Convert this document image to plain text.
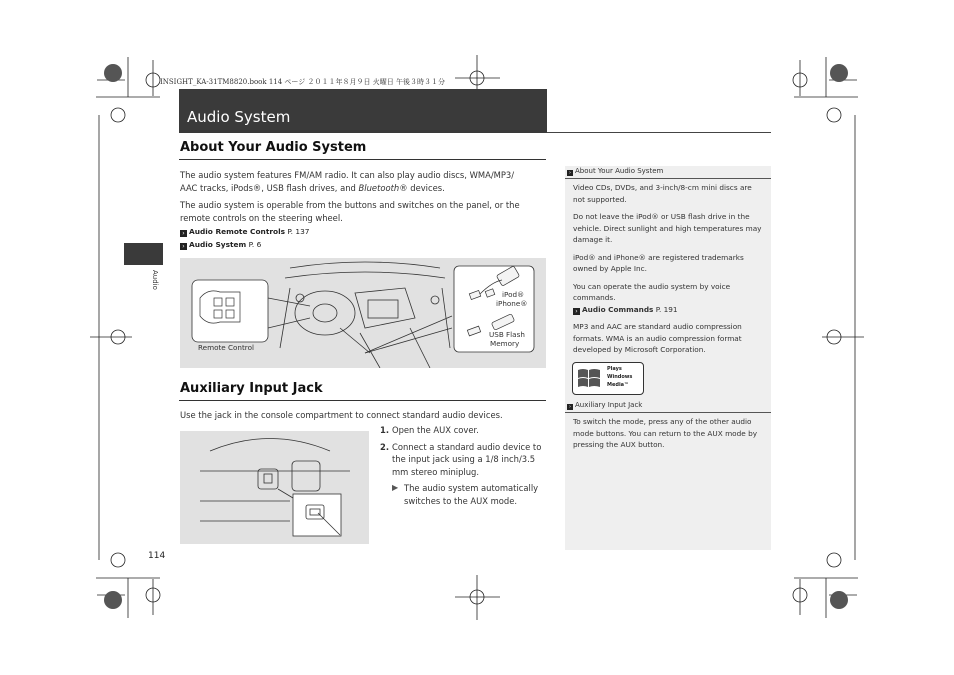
INSIGHT_KA-31TM8820.book 114 ページ ２０１１年８月９日 火曜日 午後３時３１分
Audio System
Audio
About Your Audio System

The audio system features FM/AM radio. It can also play audio discs, WMA/MP3/
AAC tracks, iPods®, USB flash drives, and Bluetooth® devices.

The audio system is operable from the buttons and switches on the panel, or the remote controls on the steering wheel.

› Audio Remote Controls P. 137
› Audio System P. 6
Remote Control
iPod®
iPhone®
USB Flash
Memory
Auxiliary Input Jack

Use the jack in the console compartment to connect standard audio devices.

1. Open the AUX cover.
2. Connect a standard audio device to the input jack using a 1/8 inch/3.5 mm stereo miniplug.
▶ The audio system automatically switches to the AUX mode.
› About Your Audio System

Video CDs, DVDs, and 3-inch/8-cm mini discs are not supported.

Do not leave the iPod® or USB flash drive in the vehicle. Direct sunlight and high temperatures may damage it.

iPod® and iPhone® are registered trademarks owned by Apple Inc.

You can operate the audio system by voice commands.

› Audio Commands P. 191

MP3 and AAC are standard audio compression formats. WMA is an audio compression format developed by Microsoft Corporation.

Plays
Windows
Media™
› Auxiliary Input Jack

To switch the mode, press any of the other audio mode buttons. You can return to the AUX mode by pressing the AUX button.

114
